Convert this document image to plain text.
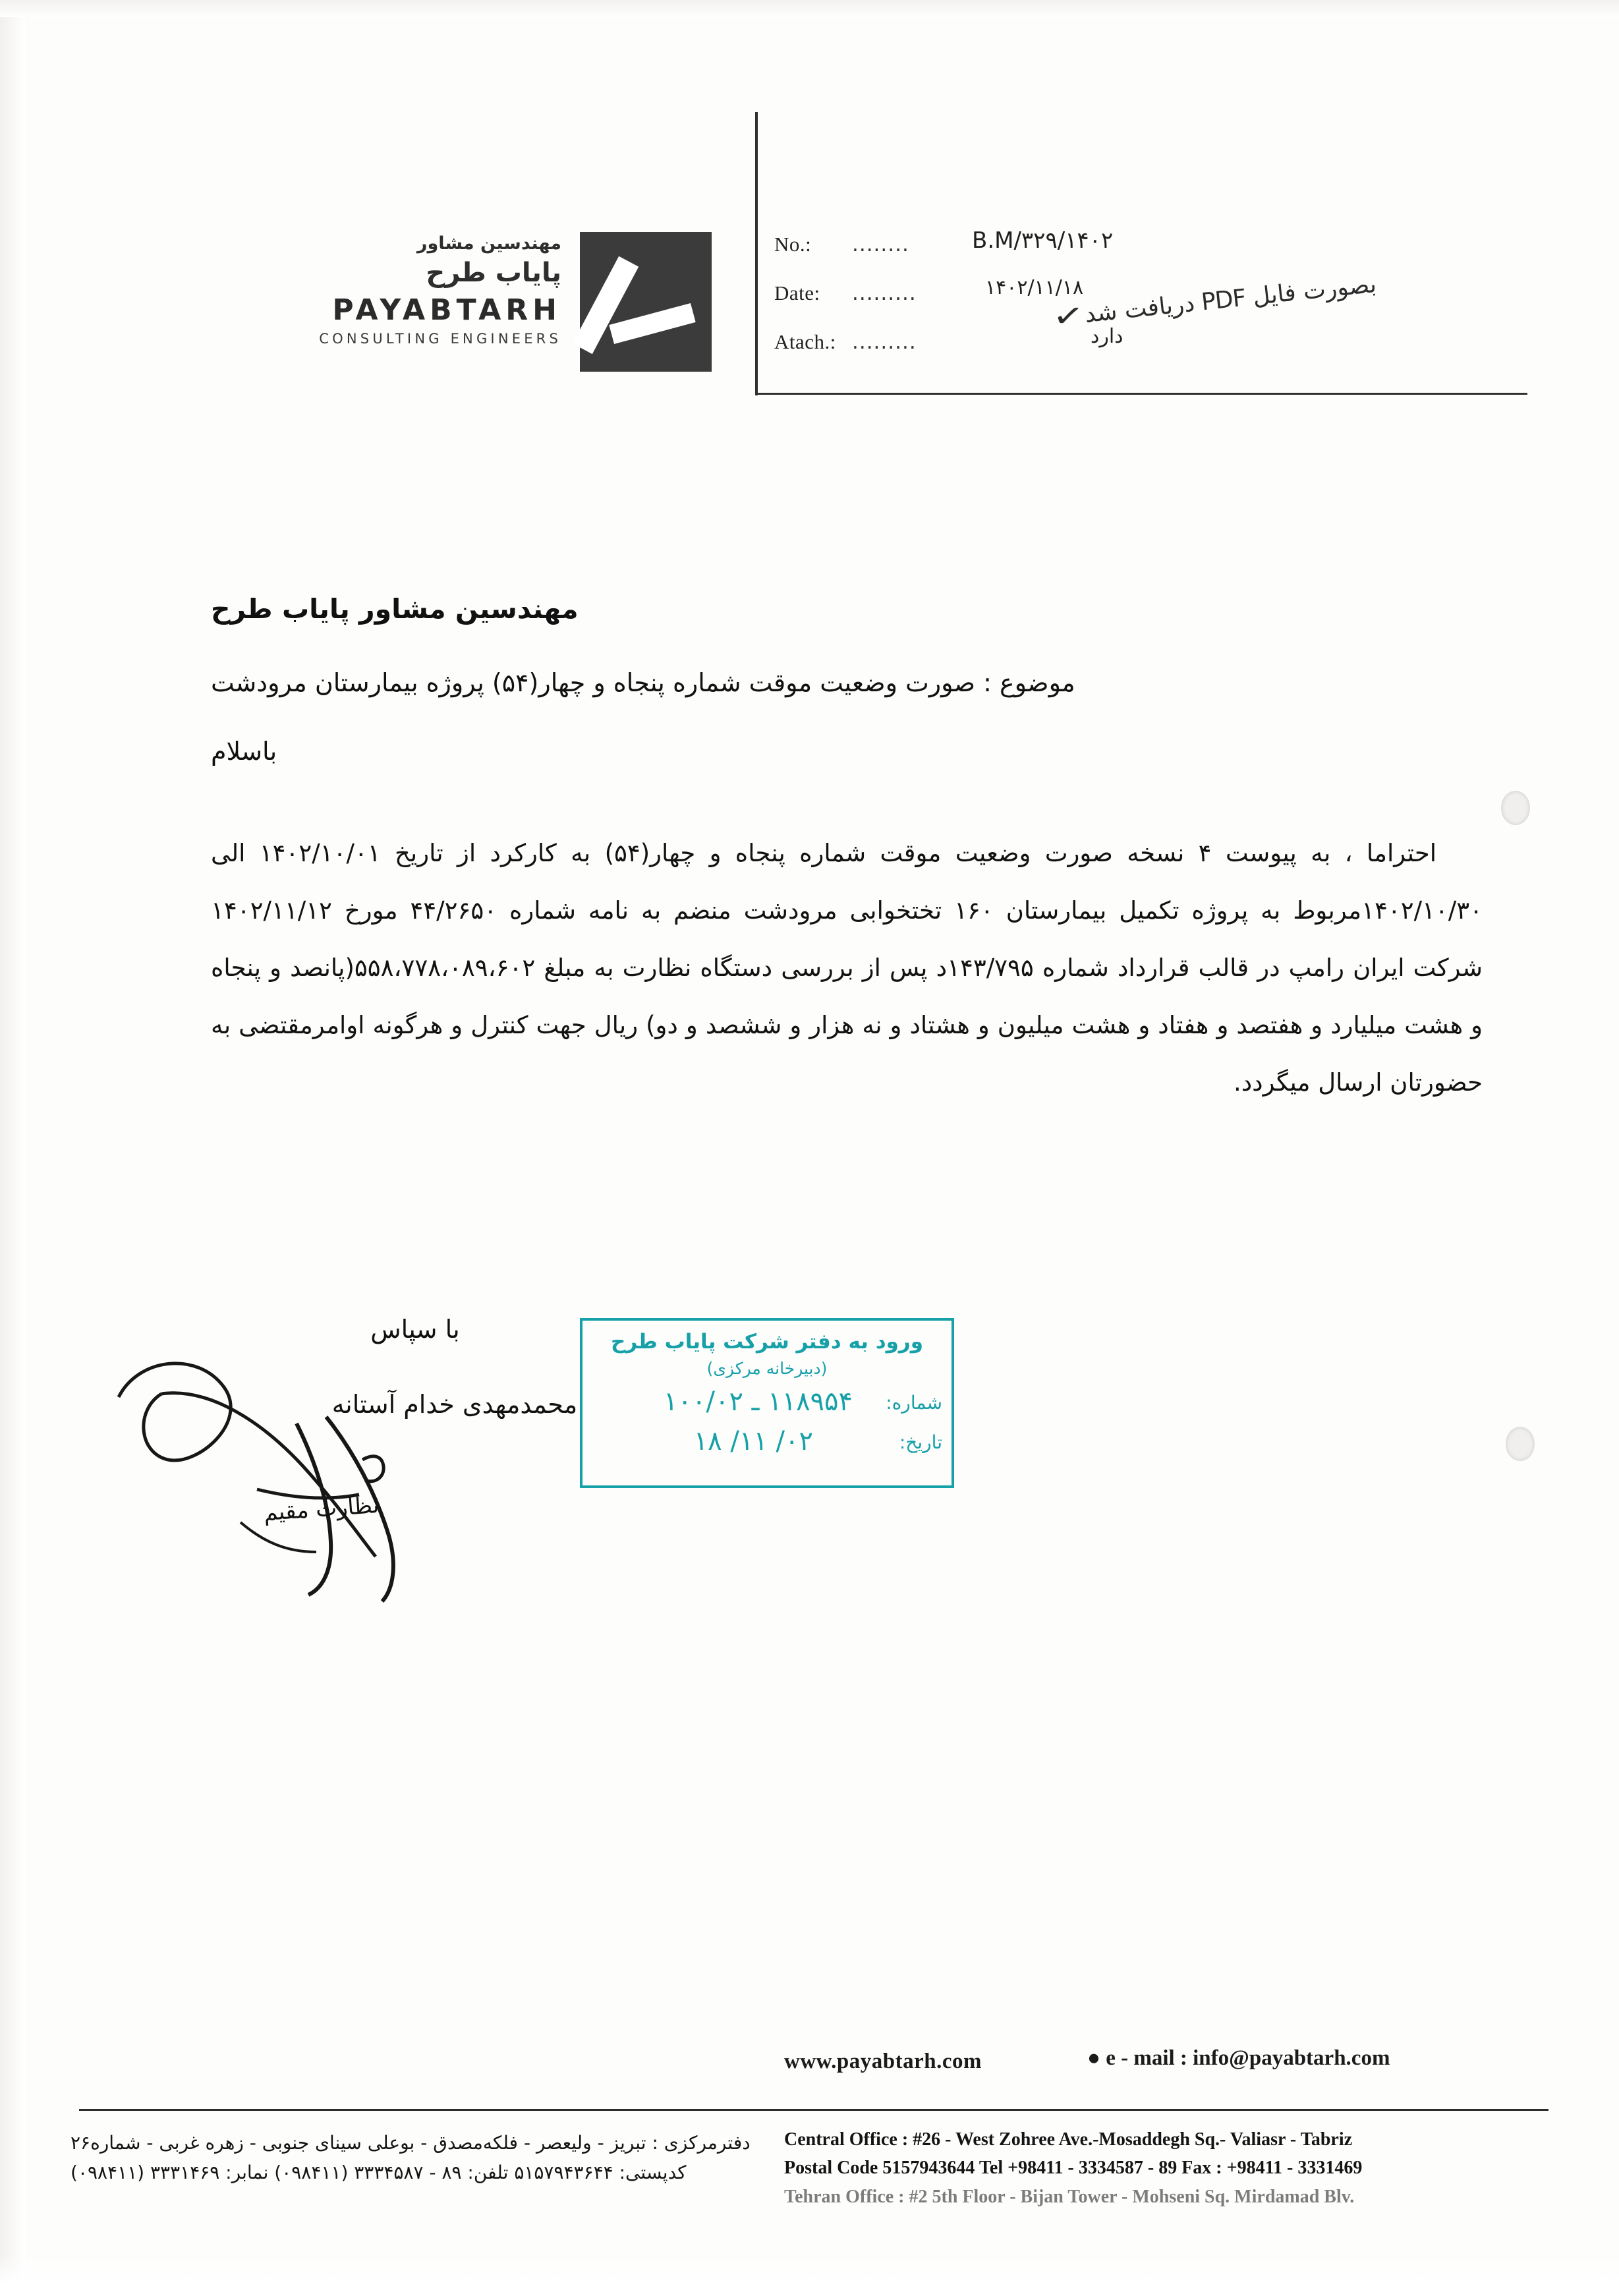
مهندسین مشاور
پایاب طرح
PAYABTARH
CONSULTING ENGINEERS
No.: ........	B.M/۳۲۹/۱۴۰۲
Date: .........	۱۴۰۲/۱۱/۱۸
Atach.: .........	دارد
بصورت فایل PDF دریافت شد ✓
مهندسین مشاور پایاب طرح
موضوع : صورت وضعیت موقت شماره پنجاه و چهار(۵۴) پروژه بیمارستان مرودشت
باسلام
احتراما ، به پیوست ۴ نسخه صورت وضعیت موقت شماره پنجاه و چهار(۵۴) به کارکرد از تاریخ ۱۴۰۲/۱۰/۰۱ الی ۱۴۰۲/۱۰/۳۰مربوط به پروژه تکمیل بیمارستان ۱۶۰ تختخوابی مرودشت منضم به نامه شماره ۴۴/۲۶۵۰ مورخ ۱۴۰۲/۱۱/۱۲ شرکت ایران رامپ در قالب قرارداد شماره ۱۴۳/۷۹۵د پس از بررسی دستگاه نظارت به مبلغ ۵۵۸،۷۷۸،۰۸۹،۶۰۲(پانصد و پنجاه و هشت میلیارد و هفتصد و هفتاد و هشت میلیون و هشتاد و نه هزار و ششصد و دو) ریال جهت کنترل و هرگونه اوامرمقتضی به حضورتان ارسال میگردد.
با سپاس
محمدمهدی خدام آستانه
نظارت مقیم
ورود به دفتر شرکت پایاب طرح
(دبیرخانه مرکزی)
شماره:
۱۱۸۹۵۴ ـ ۱۰۰/۰۲
تاریخ:
۰۲/ ۱۱/ ۱۸
www.payabtarh.com	● e - mail : info@payabtarh.com
Central Office : #26 - West Zohree Ave.-Mosaddegh Sq.- Valiasr - Tabriz
Postal Code 5157943644 Tel +98411 - 3334587 - 89 Fax : +98411 - 3331469
Tehran Office : #2 5th Floor - Bijan Tower - Mohseni Sq. Mirdamad Blv.
دفترمرکزی : تبریز - ولیعصر - فلکه‌مصدق - بوعلی سینای جنوبی - زهره غربی - شماره۲۶
کدپستی: ۵۱۵۷۹۴۳۶۴۴ تلفن: ۸۹ - ۳۳۳۴۵۸۷ (۰۹۸۴۱۱) نمابر: ۳۳۳۱۴۶۹ (۰۹۸۴۱۱)
